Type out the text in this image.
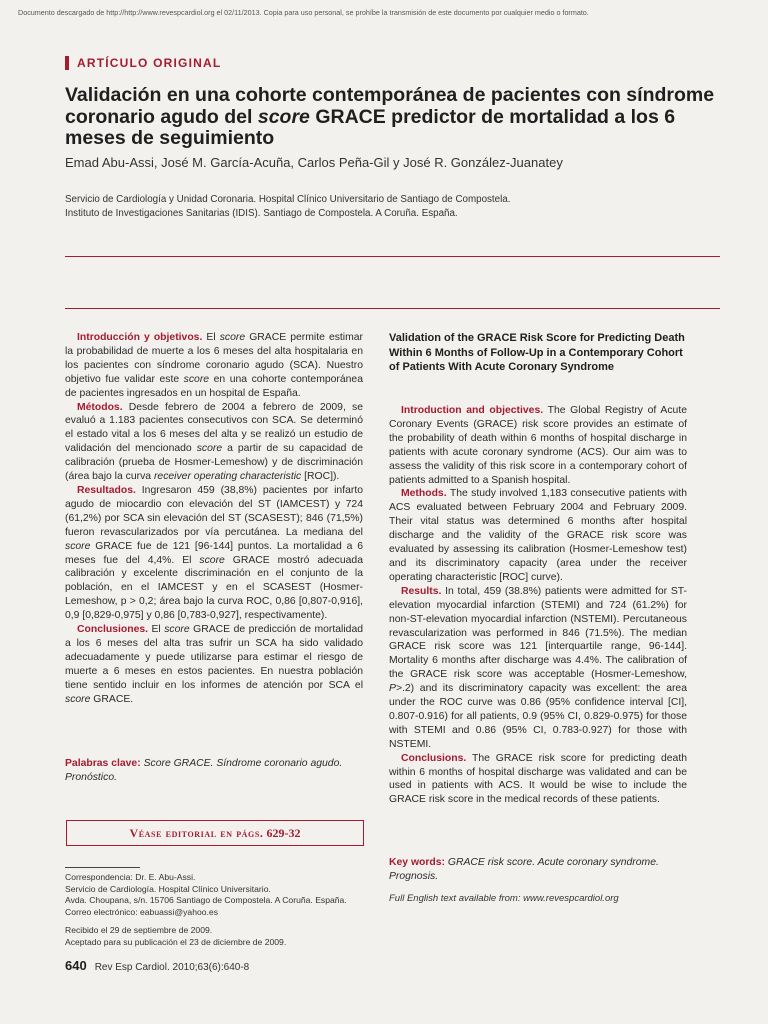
Documento descargado de http://http://www.revespcardiol.org el 02/11/2013. Copia para uso personal, se prohíbe la transmisión de este documento por cualquier medio o formato.
ARTÍCULO ORIGINAL
Validación en una cohorte contemporánea de pacientes con síndrome coronario agudo del score GRACE predictor de mortalidad a los 6 meses de seguimiento
Emad Abu-Assi, José M. García-Acuña, Carlos Peña-Gil y José R. González-Juanatey
Servicio de Cardiología y Unidad Coronaria. Hospital Clínico Universitario de Santiago de Compostela.
Instituto de Investigaciones Sanitarias (IDIS). Santiago de Compostela. A Coruña. España.

Introducción y objetivos. El score GRACE permite estimar la probabilidad de muerte a los 6 meses del alta hospitalaria en los pacientes con síndrome coronario agudo (SCA). Nuestro objetivo fue validar este score en una cohorte contemporánea de pacientes ingresados en un hospital de España.

Métodos. Desde febrero de 2004 a febrero de 2009, se evaluó a 1.183 pacientes consecutivos con SCA. Se determinó el estado vital a los 6 meses del alta y se realizó un estudio de validación del mencionado score a partir de su capacidad de calibración (prueba de Hosmer-Lemeshow) y de discriminación (área bajo la curva receiver operating characteristic [ROC]).

Resultados. Ingresaron 459 (38,8%) pacientes por infarto agudo de miocardio con elevación del ST (IAMCEST) y 724 (61,2%) por SCA sin elevación del ST (SCASEST); 846 (71,5%) fueron revascularizados por vía percutánea. La mediana del score GRACE fue de 121 [96-144] puntos. La mortalidad a 6 meses fue del 4,4%. El score GRACE mostró adecuada calibración y excelente discriminación en el conjunto de la población, en el IAMCEST y en el SCASEST (Hosmer-Lemeshow, p > 0,2; área bajo la curva ROC, 0,86 [0,807-0,916], 0,9 [0,829-0,975] y 0,86 [0,783-0,927], respectivamente).

Conclusiones. El score GRACE de predicción de mortalidad a los 6 meses del alta tras sufrir un SCA ha sido validado adecuadamente y puede utilizarse para estimar el riesgo de muerte a 6 meses en estos pacientes. En nuestra población tiene sentido incluir en los informes de atención por SCA el score GRACE.

Palabras clave: Score GRACE. Síndrome coronario agudo. Pronóstico.
Véase editorial en págs.
629-32
Correspondencia: Dr. E. Abu-Assi.
Servicio de Cardiología. Hospital Clínico Universitario.
Avda. Choupana, s/n. 15706 Santiago de Compostela. A Coruña. España.
Correo electrónico: eabuassi@yahoo.es
Recibido el 29 de septiembre de 2009.
Aceptado para su publicación el 23 de diciembre de 2009.
Validation of the GRACE Risk Score for Predicting Death Within 6 Months of Follow-Up in a Contemporary Cohort of Patients With Acute Coronary Syndrome

Introduction and objectives. The Global Registry of Acute Coronary Events (GRACE) risk score provides an estimate of the probability of death within 6 months of hospital discharge in patients with acute coronary syndrome (ACS). Our aim was to assess the validity of this risk score in a contemporary cohort of patients admitted to a Spanish hospital.

Methods. The study involved 1,183 consecutive patients with ACS evaluated between February 2004 and February 2009. Their vital status was determined 6 months after hospital discharge and the validity of the GRACE risk score was evaluated by assessing its calibration (Hosmer-Lemeshow test) and its discriminatory capacity (area under the receiver operating characteristic [ROC] curve).

Results. In total, 459 (38.8%) patients were admitted for ST-elevation myocardial infarction (STEMI) and 724 (61.2%) for non-ST-elevation myocardial infarction (NSTEMI). Percutaneous revascularization was performed in 846 (71.5%). The median GRACE risk score was 121 [interquartile range, 96-144]. Mortality 6 months after discharge was 4.4%. The calibration of the GRACE risk score was acceptable (Hosmer-Lemeshow, P>.2) and its discriminatory capacity was excellent: the area under the ROC curve was 0.86 (95% confidence interval [CI], 0.807-0.916) for all patients, 0.9 (95% CI, 0.829-0.975) for those with STEMI and 0.86 (95% CI, 0.783-0.927) for those with NSTEMI.

Conclusions. The GRACE risk score for predicting death within 6 months of hospital discharge was validated and can be used in patients with ACS. It would be wise to include the GRACE risk score in the medical records of these patients.

Key words: GRACE risk score. Acute coronary syndrome. Prognosis.
Full English text available from: www.revespcardiol.org
640 Rev Esp Cardiol. 2010;63(6):640-8
